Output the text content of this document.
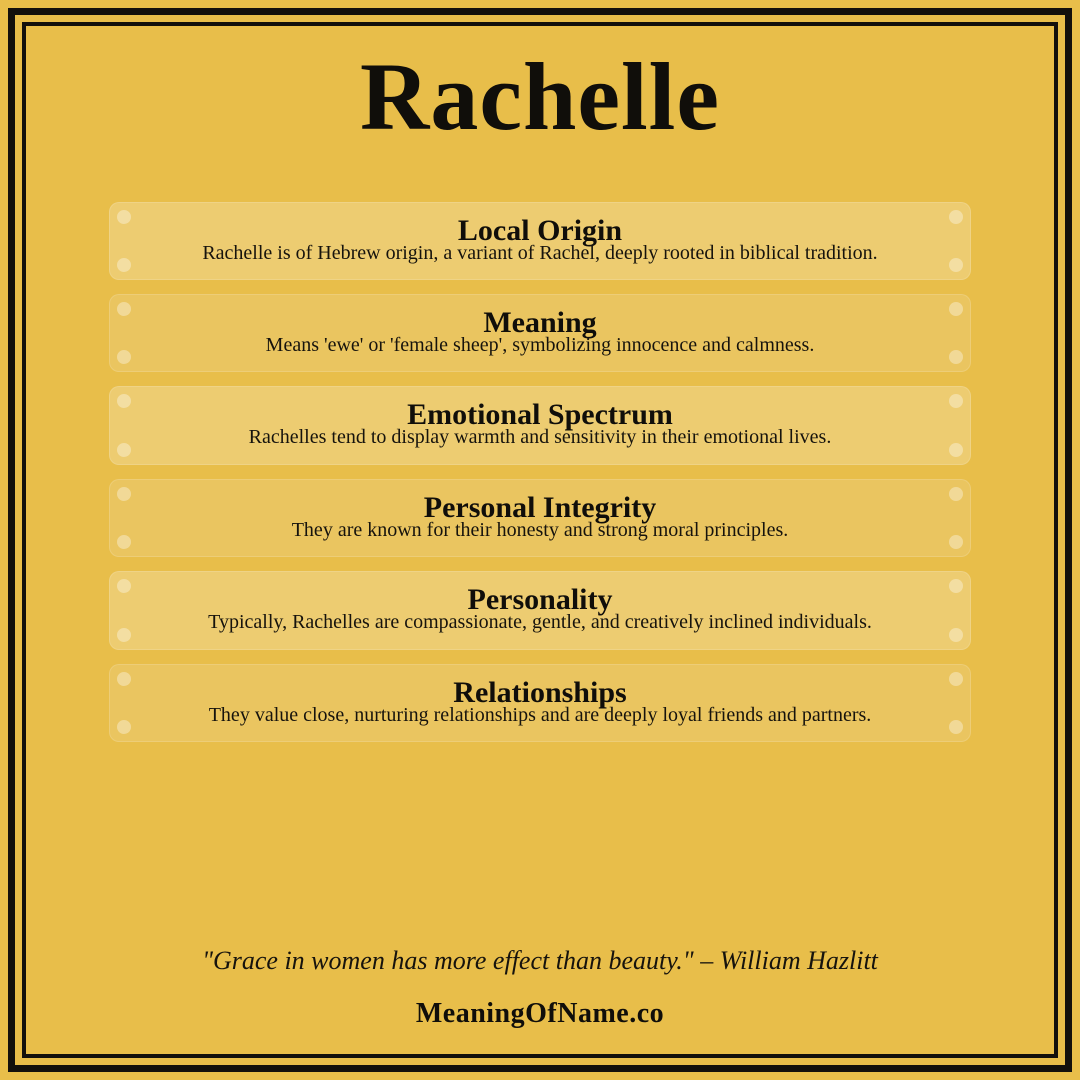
Rachelle
Local Origin
Rachelle is of Hebrew origin, a variant of Rachel, deeply rooted in biblical tradition.
Meaning
Means 'ewe' or 'female sheep', symbolizing innocence and calmness.
Emotional Spectrum
Rachelles tend to display warmth and sensitivity in their emotional lives.
Personal Integrity
They are known for their honesty and strong moral principles.
Personality
Typically, Rachelles are compassionate, gentle, and creatively inclined individuals.
Relationships
They value close, nurturing relationships and are deeply loyal friends and partners.
"Grace in women has more effect than beauty." – William Hazlitt
MeaningOfName.co
